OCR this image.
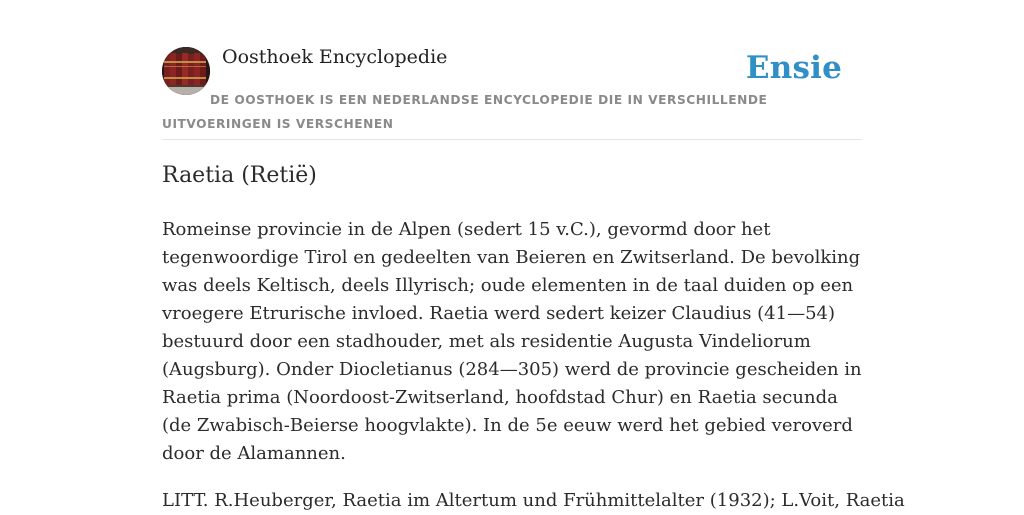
Oosthoek Encyclopedie	Ensie
DE OOSTHOEK IS EEN NEDERLANDSE ENCYCLOPEDIE DIE IN VERSCHILLENDE UITVOERINGEN IS VERSCHENEN
Raetia (Retië)

Romeinse provincie in de Alpen (sedert 15 v.C.), gevormd door het tegenwoordige Tirol en gedeelten van Beieren en Zwitserland. De bevolking was deels Keltisch, deels Illyrisch; oude elementen in de taal duiden op een vroegere Etrurische invloed. Raetia werd sedert keizer Claudius (41—54) bestuurd door een stadhouder, met als residentie Augusta Vindeliorum (Augsburg). Onder Diocletianus (284—305) werd de provincie gescheiden in Raetia prima (Noordoost-Zwitserland, hoofdstad Chur) en Raetia secunda (de Zwabisch-Beierse hoogvlakte). In de 5e eeuw werd het gebied veroverd door de Alamannen.

LITT. R.Heuberger, Raetia im Altertum und Frühmittelalter (1932); L.Voit, Raetia
